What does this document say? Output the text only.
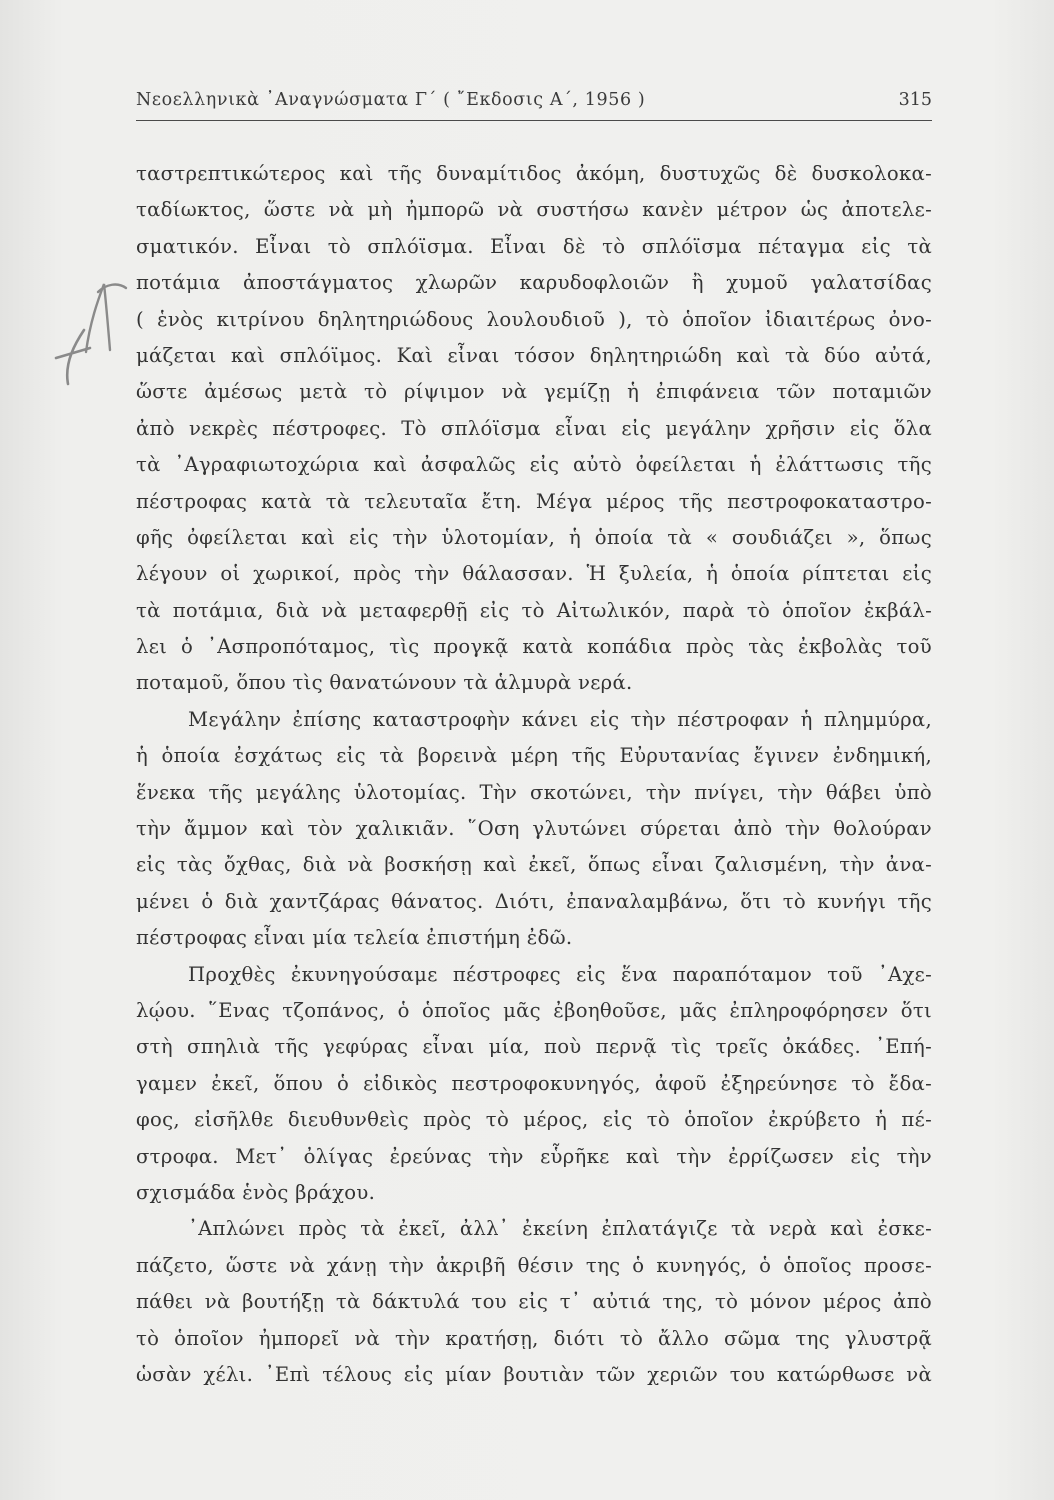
Νεοελληνικὰ ᾿Αναγνώσματα Γ΄ ( ῎Εκδοσις Α΄, 1956 )	315
ταστρεπτικώτερος καὶ τῆς δυναμίτιδος ἀκόμη, δυστυχῶς δὲ δυσκολοκα-
ταδίωκτος, ὥστε νὰ μὴ ἠμπορῶ νὰ συστήσω κανὲν μέτρον ὡς ἀποτελε-
σματικόν. Εἶναι τὸ σπλόϊσμα. Εἶναι δὲ τὸ σπλόϊσμα πέταγμα εἰς τὰ
ποτάμια ἀποστάγματος χλωρῶν καρυδοφλοιῶν ἢ χυμοῦ γαλατσίδας
( ἑνὸς κιτρίνου δηλητηριώδους λουλουδιοῦ ), τὸ ὁποῖον ἰδιαιτέρως ὀνο-
μάζεται καὶ σπλόϊμος. Καὶ εἶναι τόσον δηλητηριώδη καὶ τὰ δύο αὐτά,
ὥστε ἀμέσως μετὰ τὸ ρίψιμον νὰ γεμίζῃ ἡ ἐπιφάνεια τῶν ποταμιῶν
ἀπὸ νεκρὲς πέστροφες. Τὸ σπλόϊσμα εἶναι εἰς μεγάλην χρῆσιν εἰς ὅλα
τὰ ᾿Αγραφιωτοχώρια καὶ ἀσφαλῶς εἰς αὐτὸ ὀφείλεται ἡ ἐλάττωσις τῆς
πέστροφας κατὰ τὰ τελευταῖα ἔτη. Μέγα μέρος τῆς πεστροφοκαταστρο-
φῆς ὀφείλεται καὶ εἰς τὴν ὑλοτομίαν, ἡ ὁποία τὰ « σουδιάζει », ὅπως
λέγουν οἱ χωρικοί, πρὸς τὴν θάλασσαν. Ἡ ξυλεία, ἡ ὁποία ρίπτεται εἰς
τὰ ποτάμια, διὰ νὰ μεταφερθῇ εἰς τὸ Αἰτωλικόν, παρὰ τὸ ὁποῖον ἐκβάλ-
λει ὁ ᾿Ασπροπόταμος, τὶς προγκᾷ κατὰ κοπάδια πρὸς τὰς ἐκβολὰς τοῦ
ποταμοῦ, ὅπου τὶς θανατώνουν τὰ ἁλμυρὰ νερά.
Μεγάλην ἐπίσης καταστροφὴν κάνει εἰς τὴν πέστροφαν ἡ πλημμύρα,
ἡ ὁποία ἐσχάτως εἰς τὰ βορεινὰ μέρη τῆς Εὐρυτανίας ἔγινεν ἐνδημική,
ἕνεκα τῆς μεγάλης ὑλοτομίας. Τὴν σκοτώνει, τὴν πνίγει, τὴν θάβει ὑπὸ
τὴν ἄμμον καὶ τὸν χαλικιᾶν. ῞Οση γλυτώνει σύρεται ἀπὸ τὴν θολούραν
εἰς τὰς ὄχθας, διὰ νὰ βοσκήσῃ καὶ ἐκεῖ, ὅπως εἶναι ζαλισμένη, τὴν ἀνα-
μένει ὁ διὰ χαντζάρας θάνατος. Διότι, ἐπαναλαμβάνω, ὅτι τὸ κυνήγι τῆς
πέστροφας εἶναι μία τελεία ἐπιστήμη ἐδῶ.
Προχθὲς ἐκυνηγούσαμε πέστροφες εἰς ἕνα παραπόταμον τοῦ ᾿Αχε-
λῴου. ῞Ενας τζοπάνος, ὁ ὁποῖος μᾶς ἐβοηθοῦσε, μᾶς ἐπληροφόρησεν ὅτι
στὴ σπηλιὰ τῆς γεφύρας εἶναι μία, ποὺ περνᾷ τὶς τρεῖς ὀκάδες. ᾿Επή-
γαμεν ἐκεῖ, ὅπου ὁ εἰδικὸς πεστροφοκυνηγός, ἀφοῦ ἐξηρεύνησε τὸ ἔδα-
φος, εἰσῆλθε διευθυνθεὶς πρὸς τὸ μέρος, εἰς τὸ ὁποῖον ἐκρύβετο ἡ πέ-
στροφα. Μετ᾿ ὀλίγας ἐρεύνας τὴν εὗρῆκε καὶ τὴν ἐρρίζωσεν εἰς τὴν
σχισμάδα ἑνὸς βράχου.
᾿Απλώνει πρὸς τὰ ἐκεῖ, ἀλλ᾿ ἐκείνη ἐπλατάγιζε τὰ νερὰ καὶ ἐσκε-
πάζετο, ὥστε νὰ χάνῃ τὴν ἀκριβῆ θέσιν της ὁ κυνηγός, ὁ ὁποῖος προσε-
πάθει νὰ βουτήξῃ τὰ δάκτυλά του εἰς τ᾿ αὐτιά της, τὸ μόνον μέρος ἀπὸ
τὸ ὁποῖον ἠμπορεῖ νὰ τὴν κρατήσῃ, διότι τὸ ἄλλο σῶμα της γλυστρᾷ
ὡσὰν χέλι. ᾿Επὶ τέλους εἰς μίαν βουτιὰν τῶν χεριῶν του κατώρθωσε νὰ
